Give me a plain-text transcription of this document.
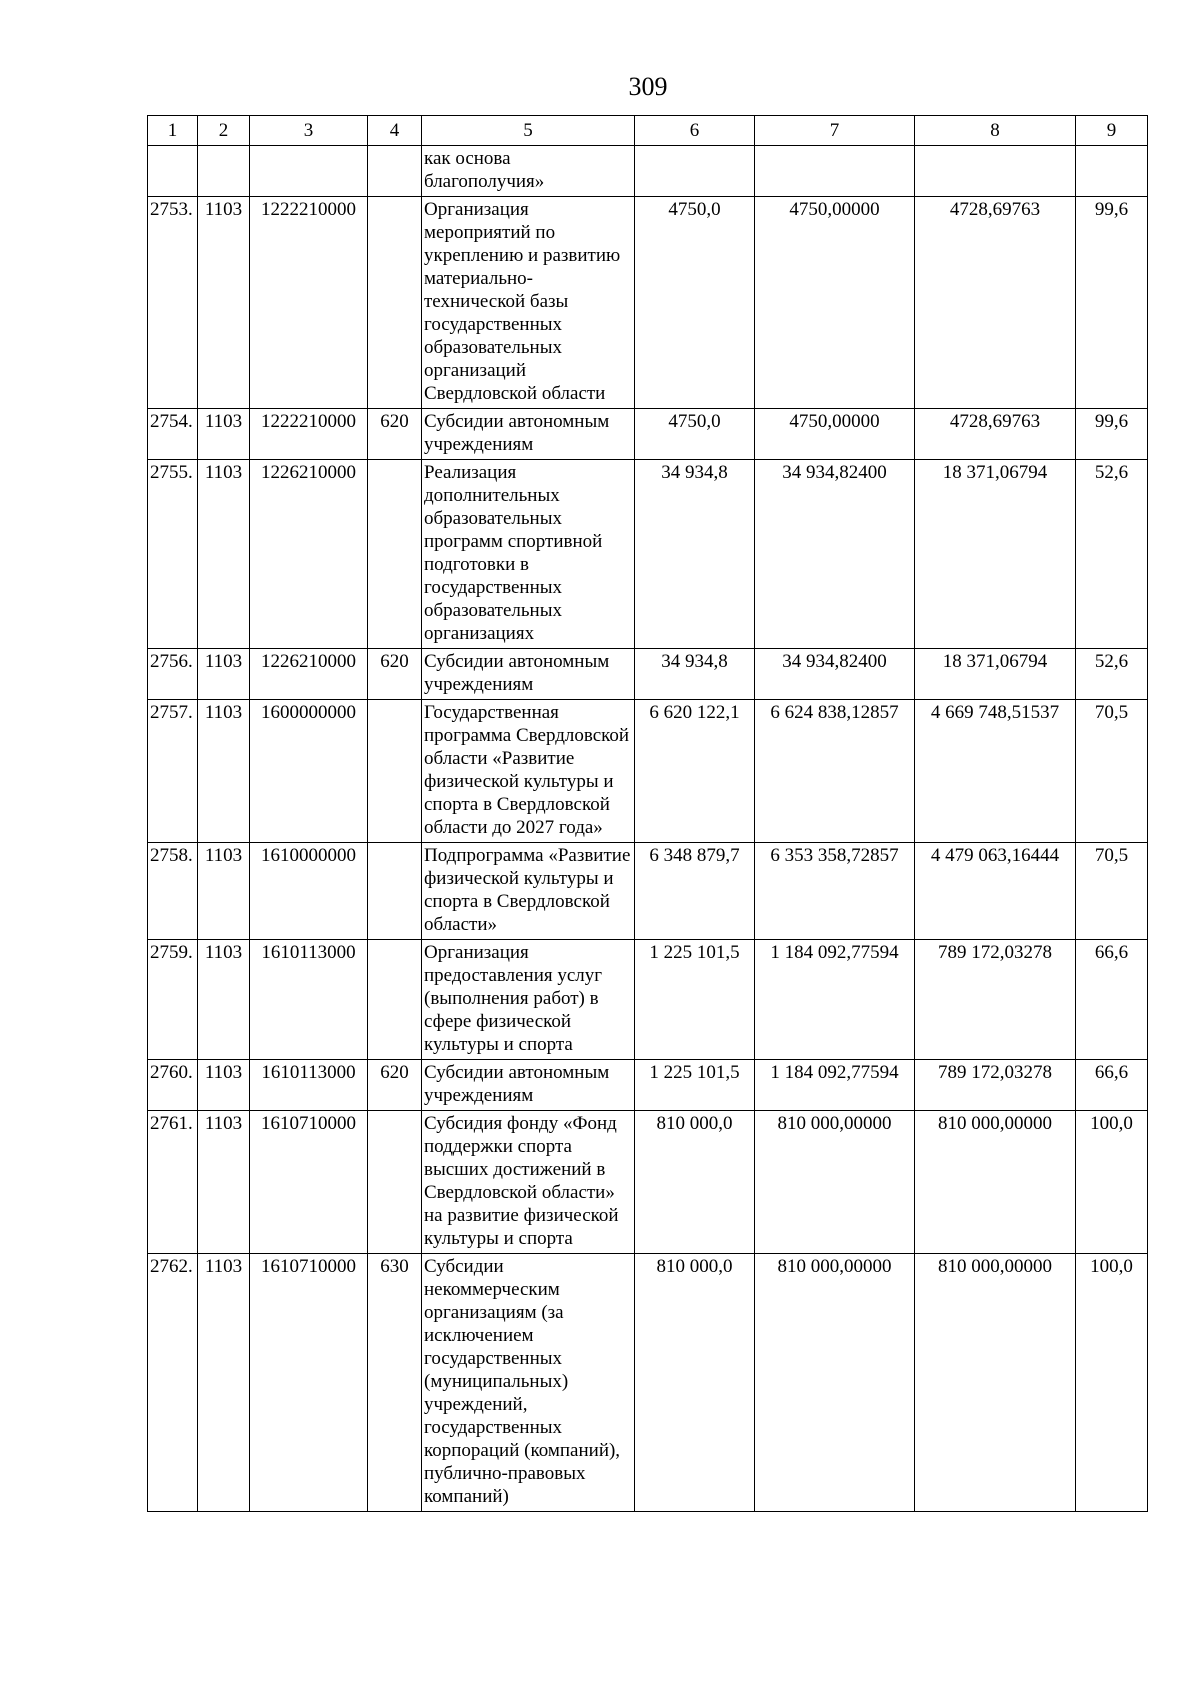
309
1	2	3	4	5	6	7	8	9
				как основа благополучия»				
2753.	1103	1222210000		Организация мероприятий по укреплению и развитию материально-технической базы государственных образовательных организаций Свердловской области	4750,0	4750,00000	4728,69763	99,6
2754.	1103	1222210000	620	Субсидии автономным учреждениям	4750,0	4750,00000	4728,69763	99,6
2755.	1103	1226210000		Реализация дополнительных образовательных программ спортивной подготовки в государственных образовательных организациях	34 934,8	34 934,82400	18 371,06794	52,6
2756.	1103	1226210000	620	Субсидии автономным учреждениям	34 934,8	34 934,82400	18 371,06794	52,6
2757.	1103	1600000000		Государственная программа Свердловской области «Развитие физической культуры и спорта в Свердловской области до 2027 года»	6 620 122,1	6 624 838,12857	4 669 748,51537	70,5
2758.	1103	1610000000		Подпрограмма «Развитие физической культуры и спорта в Свердловской области»	6 348 879,7	6 353 358,72857	4 479 063,16444	70,5
2759.	1103	1610113000		Организация предоставления услуг (выполнения работ) в сфере физической культуры и спорта	1 225 101,5	1 184 092,77594	789 172,03278	66,6
2760.	1103	1610113000	620	Субсидии автономным учреждениям	1 225 101,5	1 184 092,77594	789 172,03278	66,6
2761.	1103	1610710000		Субсидия фонду «Фонд поддержки спорта высших достижений в Свердловской области» на развитие физической культуры и спорта	810 000,0	810 000,00000	810 000,00000	100,0
2762.	1103	1610710000	630	Субсидии некоммерческим организациям (за исключением государственных (муниципальных) учреждений, государственных корпораций (компаний), публично-правовых компаний)	810 000,0	810 000,00000	810 000,00000	100,0
